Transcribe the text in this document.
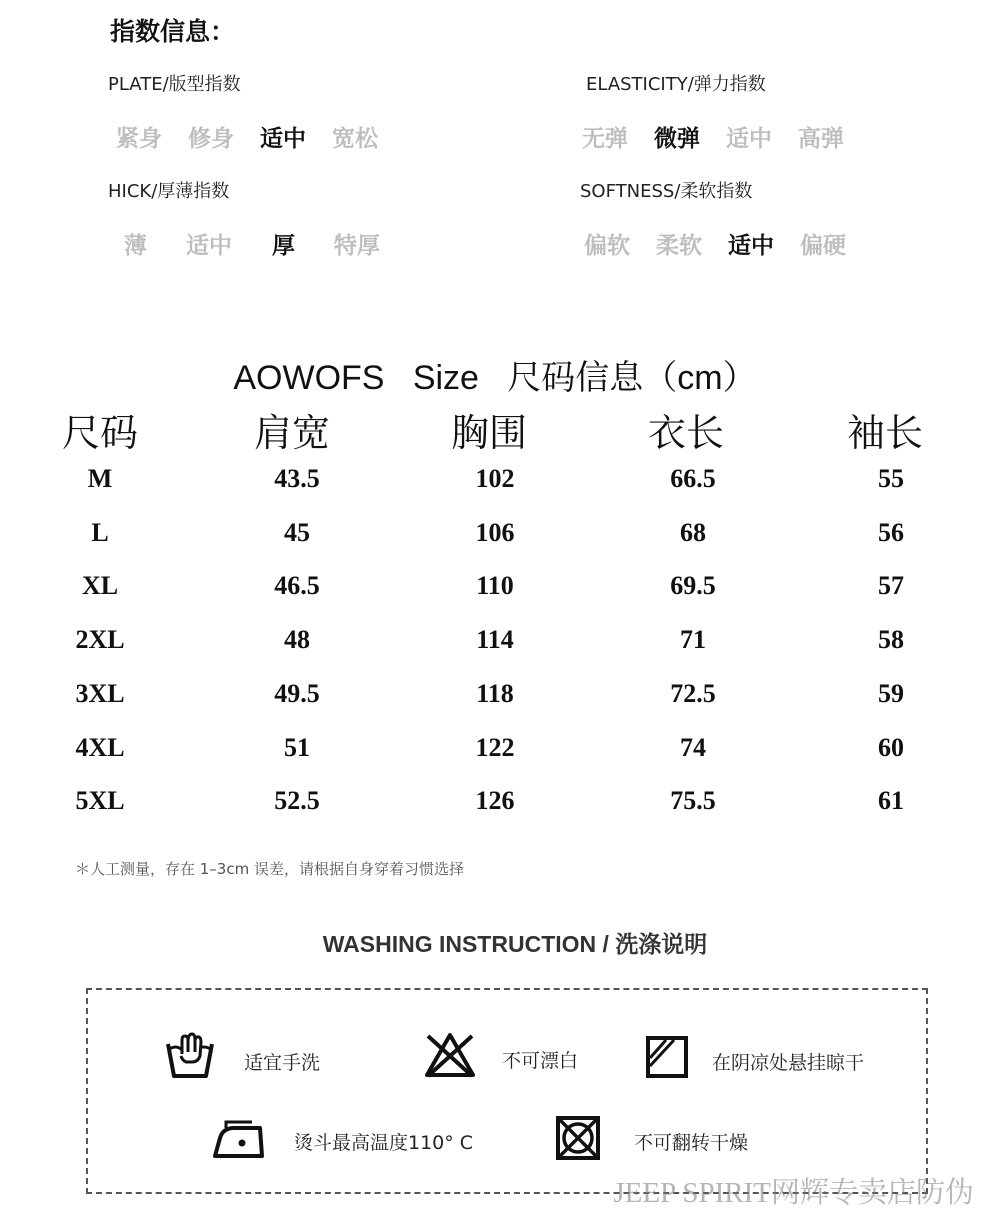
指数信息：
PLATE/版型指数	ELASTICITY/弹力指数
紧身 修身 适中 宽松	无弹 微弹 适中 高弹
HICK/厚薄指数	SOFTNESS/柔软指数
薄 适中 厚 特厚	偏软 柔软 适中 偏硬
AOWOFS   Size   尺码信息（cm）
尺码	肩宽	胸围	衣长	袖长
M	43.5	102	66.5	55
L	45	106	68	56
XL	46.5	110	69.5	57
2XL	48	114	71	58
3XL	49.5	118	72.5	59
4XL	51	122	74	60
5XL	52.5	126	75.5	61
＊人工测量，存在 1–3cm 误差，请根据自身穿着习惯选择
WASHING INSTRUCTION / 洗涤说明
适宜手洗	不可漂白	在阴凉处悬挂晾干
烫斗最高温度110° C	不可翻转干燥
JEEP SPIRIT网辉专卖店防伪
